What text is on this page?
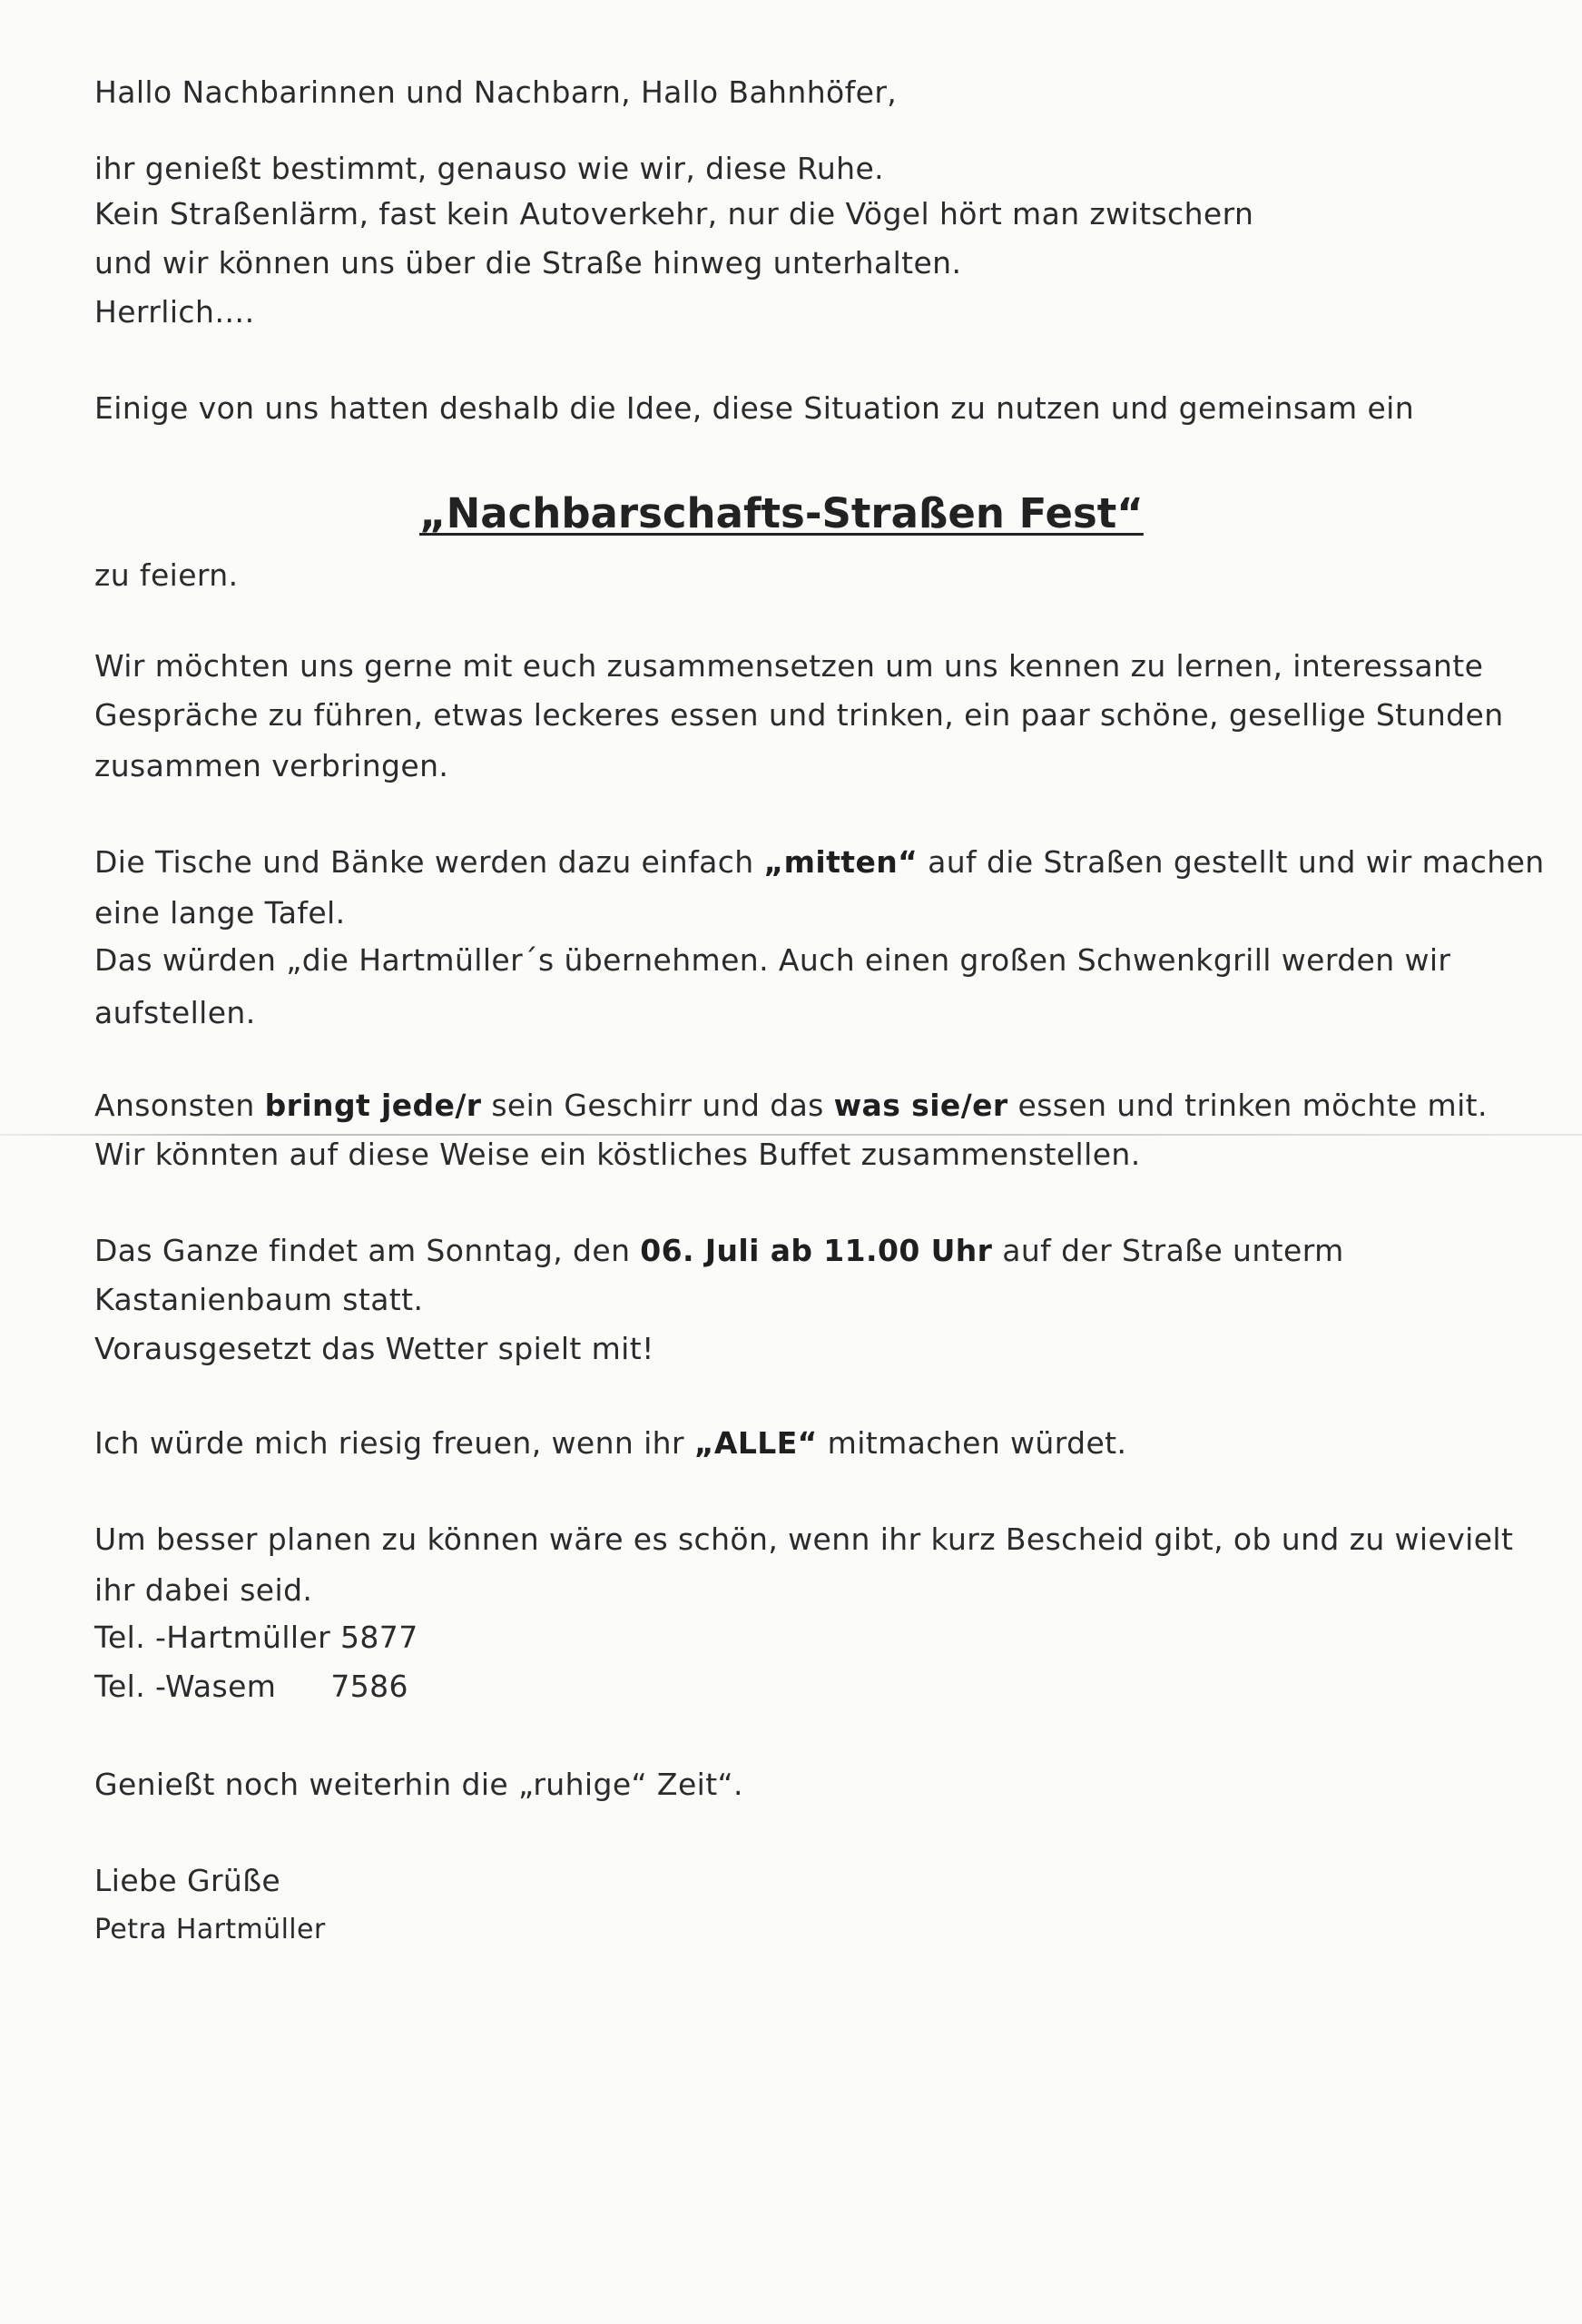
Hallo Nachbarinnen und Nachbarn, Hallo Bahnhöfer,

ihr genießt bestimmt, genauso wie wir, diese Ruhe.

Kein Straßenlärm, fast kein Autoverkehr, nur die Vögel hört man zwitschern

und wir können uns über die Straße hinweg unterhalten.

Herrlich….

Einige von uns hatten deshalb die Idee, diese Situation zu nutzen und gemeinsam ein

„Nachbarschafts-Straßen Fest“

zu feiern.

Wir möchten uns gerne mit euch zusammensetzen um uns kennen zu lernen, interessante

Gespräche zu führen, etwas leckeres essen und trinken, ein paar schöne, gesellige Stunden

zusammen verbringen.

Die Tische und Bänke werden dazu einfach „mitten“ auf die Straßen gestellt und wir machen

eine lange Tafel.

Das würden „die Hartmüller´s übernehmen. Auch einen großen Schwenkgrill werden wir

aufstellen.

Ansonsten bringt jede/r sein Geschirr und das was sie/er essen und trinken möchte mit.

Wir könnten auf diese Weise ein köstliches Buffet zusammenstellen.

Das Ganze findet am Sonntag, den 06. Juli ab 11.00 Uhr auf der Straße unterm

Kastanienbaum statt.

Vorausgesetzt das Wetter spielt mit!

Ich würde mich riesig freuen, wenn ihr „ALLE“ mitmachen würdet.

Um besser planen zu können wäre es schön, wenn ihr kurz Bescheid gibt, ob und zu wievielt

ihr dabei seid.

Tel. -Hartmüller 5877

Tel. -Wasem 7586

Genießt noch weiterhin die „ruhige“ Zeit“.

Liebe Grüße

Petra Hartmüller
